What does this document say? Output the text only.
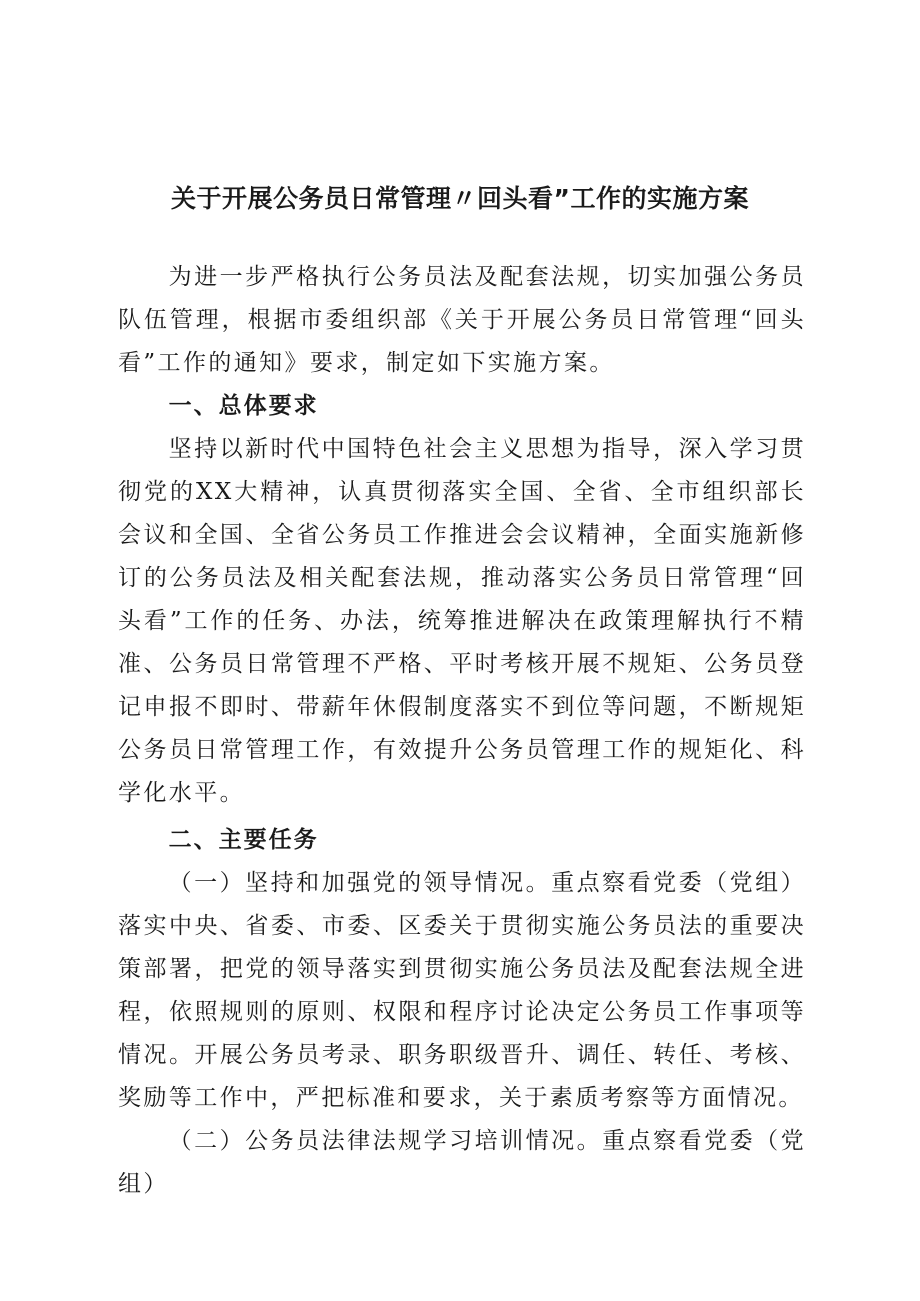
关于开展公务员日常管理〃回头看”工作的实施方案

为进一步严格执行公务员法及配套法规，切实加强公务员队伍管理，根据市委组织部《关于开展公务员日常管理“回头看”工作的通知》要求，制定如下实施方案。

一、总体要求

坚持以新时代中国特色社会主义思想为指导，深入学习贯彻党的XX大精神，认真贯彻落实全国、全省、全市组织部长会议和全国、全省公务员工作推进会会议精神，全面实施新修订的公务员法及相关配套法规，推动落实公务员日常管理“回头看”工作的任务、办法，统筹推进解决在政策理解执行不精准、公务员日常管理不严格、平时考核开展不规矩、公务员登记申报不即时、带薪年休假制度落实不到位等问题，不断规矩公务员日常管理工作，有效提升公务员管理工作的规矩化、科学化水平。

二、主要任务

（一）坚持和加强党的领导情况。重点察看党委（党组）落实中央、省委、市委、区委关于贯彻实施公务员法的重要决策部署，把党的领导落实到贯彻实施公务员法及配套法规全进程，依照规则的原则、权限和程序讨论决定公务员工作事项等情况。开展公务员考录、职务职级晋升、调任、转任、考核、奖励等工作中，严把标准和要求，关于素质考察等方面情况。

（二）公务员法律法规学习培训情况。重点察看党委（党组）
